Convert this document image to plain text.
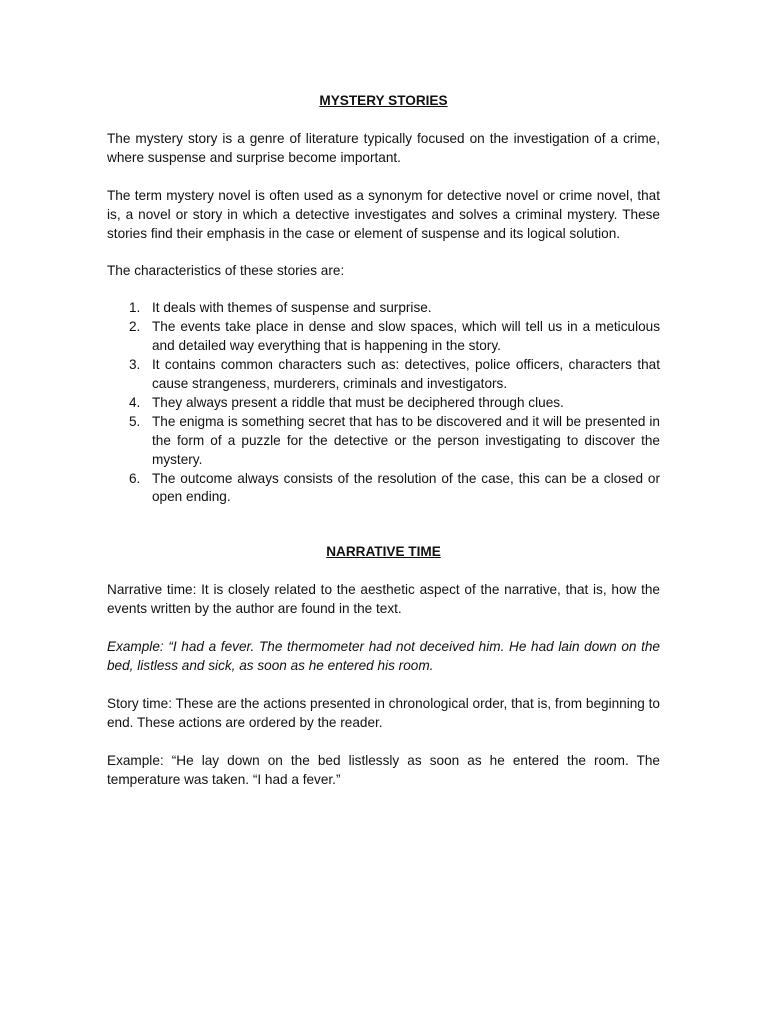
MYSTERY STORIES

The mystery story is a genre of literature typically focused on the investigation of a crime, where suspense and surprise become important.

The term mystery novel is often used as a synonym for detective novel or crime novel, that is, a novel or story in which a detective investigates and solves a criminal mystery. These stories find their emphasis in the case or element of suspense and its logical solution.

The characteristics of these stories are:

1. It deals with themes of suspense and surprise.
2. The events take place in dense and slow spaces, which will tell us in a meticulous and detailed way everything that is happening in the story.
3. It contains common characters such as: detectives, police officers, characters that cause strangeness, murderers, criminals and investigators.
4. They always present a riddle that must be deciphered through clues.
5. The enigma is something secret that has to be discovered and it will be presented in the form of a puzzle for the detective or the person investigating to discover the mystery.
6. The outcome always consists of the resolution of the case, this can be a closed or open ending.
NARRATIVE TIME

Narrative time: It is closely related to the aesthetic aspect of the narrative, that is, how the events written by the author are found in the text.

Example: “I had a fever. The thermometer had not deceived him. He had lain down on the bed, listless and sick, as soon as he entered his room.

Story time: These are the actions presented in chronological order, that is, from beginning to end. These actions are ordered by the reader.

Example: “He lay down on the bed listlessly as soon as he entered the room. The temperature was taken. “I had a fever.”
